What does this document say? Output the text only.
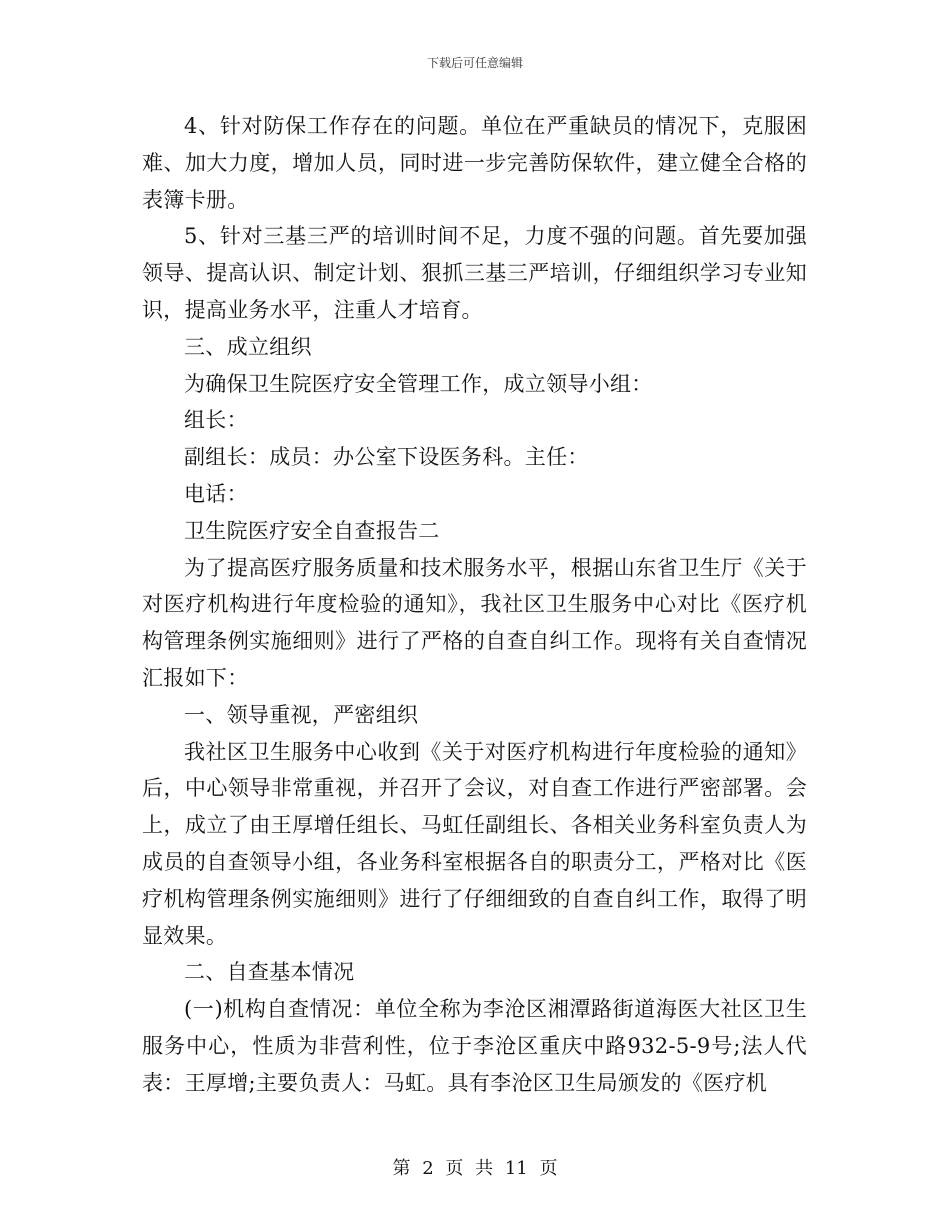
下载后可任意编辑

4、针对防保工作存在的问题。单位在严重缺员的情况下，克服困难、加大力度，增加人员，同时进一步完善防保软件，建立健全合格的表簿卡册。

5、针对三基三严的培训时间不足，力度不强的问题。首先要加强领导、提高认识、制定计划、狠抓三基三严培训，仔细组织学习专业知识，提高业务水平，注重人才培育。

三、成立组织

为确保卫生院医疗安全管理工作，成立领导小组：

组长：

副组长：成员：办公室下设医务科。主任：

电话：

卫生院医疗安全自查报告二

为了提高医疗服务质量和技术服务水平，根据山东省卫生厅《关于对医疗机构进行年度检验的通知》，我社区卫生服务中心对比《医疗机构管理条例实施细则》进行了严格的自查自纠工作。现将有关自查情况汇报如下：

一、领导重视，严密组织

我社区卫生服务中心收到《关于对医疗机构进行年度检验的通知》后，中心领导非常重视，并召开了会议，对自查工作进行严密部署。会上，成立了由王厚增任组长、马虹任副组长、各相关业务科室负责人为成员的自查领导小组，各业务科室根据各自的职责分工，严格对比《医疗机构管理条例实施细则》进行了仔细细致的自查自纠工作，取得了明显效果。

二、自查基本情况

(一)机构自查情况：单位全称为李沧区湘潭路街道海医大社区卫生服务中心，性质为非营利性，位于李沧区重庆中路932-5-9号;法人代表：王厚增;主要负责人：马虹。具有李沧区卫生局颁发的《医疗机

第 2 页 共 11 页
